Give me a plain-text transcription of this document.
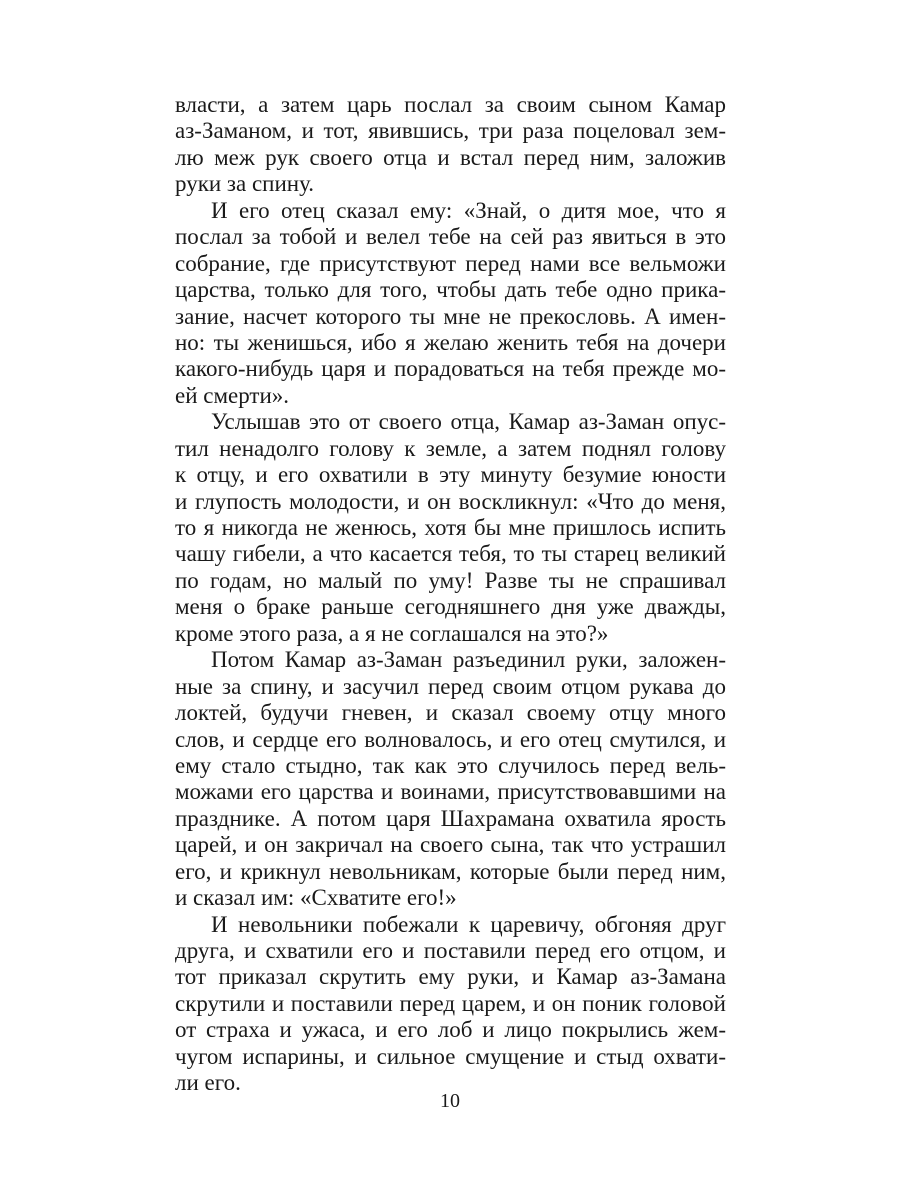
власти, а затем царь послал за своим сыном Камар
аз-Заманом, и тот, явившись, три раза поцеловал зем-
лю меж рук своего отца и встал перед ним, заложив
руки за спину.
И его отец сказал ему: «Знай, о дитя мое, что я
послал за тобой и велел тебе на сей раз явиться в это
собрание, где присутствуют перед нами все вельможи
царства, только для того, чтобы дать тебе одно прика-
зание, насчет которого ты мне не прекословь. А имен-
но: ты женишься, ибо я желаю женить тебя на дочери
какого-нибудь царя и порадоваться на тебя прежде мо-
ей смерти».
Услышав это от своего отца, Камар аз-Заман опус-
тил ненадолго голову к земле, а затем поднял голову
к отцу, и его охватили в эту минуту безумие юности
и глупость молодости, и он воскликнул: «Что до меня,
то я никогда не женюсь, хотя бы мне пришлось испить
чашу гибели, а что касается тебя, то ты старец великий
по годам, но малый по уму! Разве ты не спрашивал
меня о браке раньше сегодняшнего дня уже дважды,
кроме этого раза, а я не соглашался на это?»
Потом Камар аз-Заман разъединил руки, заложен-
ные за спину, и засучил перед своим отцом рукава до
локтей, будучи гневен, и сказал своему отцу много
слов, и сердце его волновалось, и его отец смутился, и
ему стало стыдно, так как это случилось перед вель-
можами его царства и воинами, присутствовавшими на
празднике. А потом царя Шахрамана охватила ярость
царей, и он закричал на своего сына, так что устрашил
его, и крикнул невольникам, которые были перед ним,
и сказал им: «Схватите его!»
И невольники побежали к царевичу, обгоняя друг
друга, и схватили его и поставили перед его отцом, и
тот приказал скрутить ему руки, и Камар аз-Замана
скрутили и поставили перед царем, и он поник головой
от страха и ужаса, и его лоб и лицо покрылись жем-
чугом испарины, и сильное смущение и стыд охвати-
ли его.
10
